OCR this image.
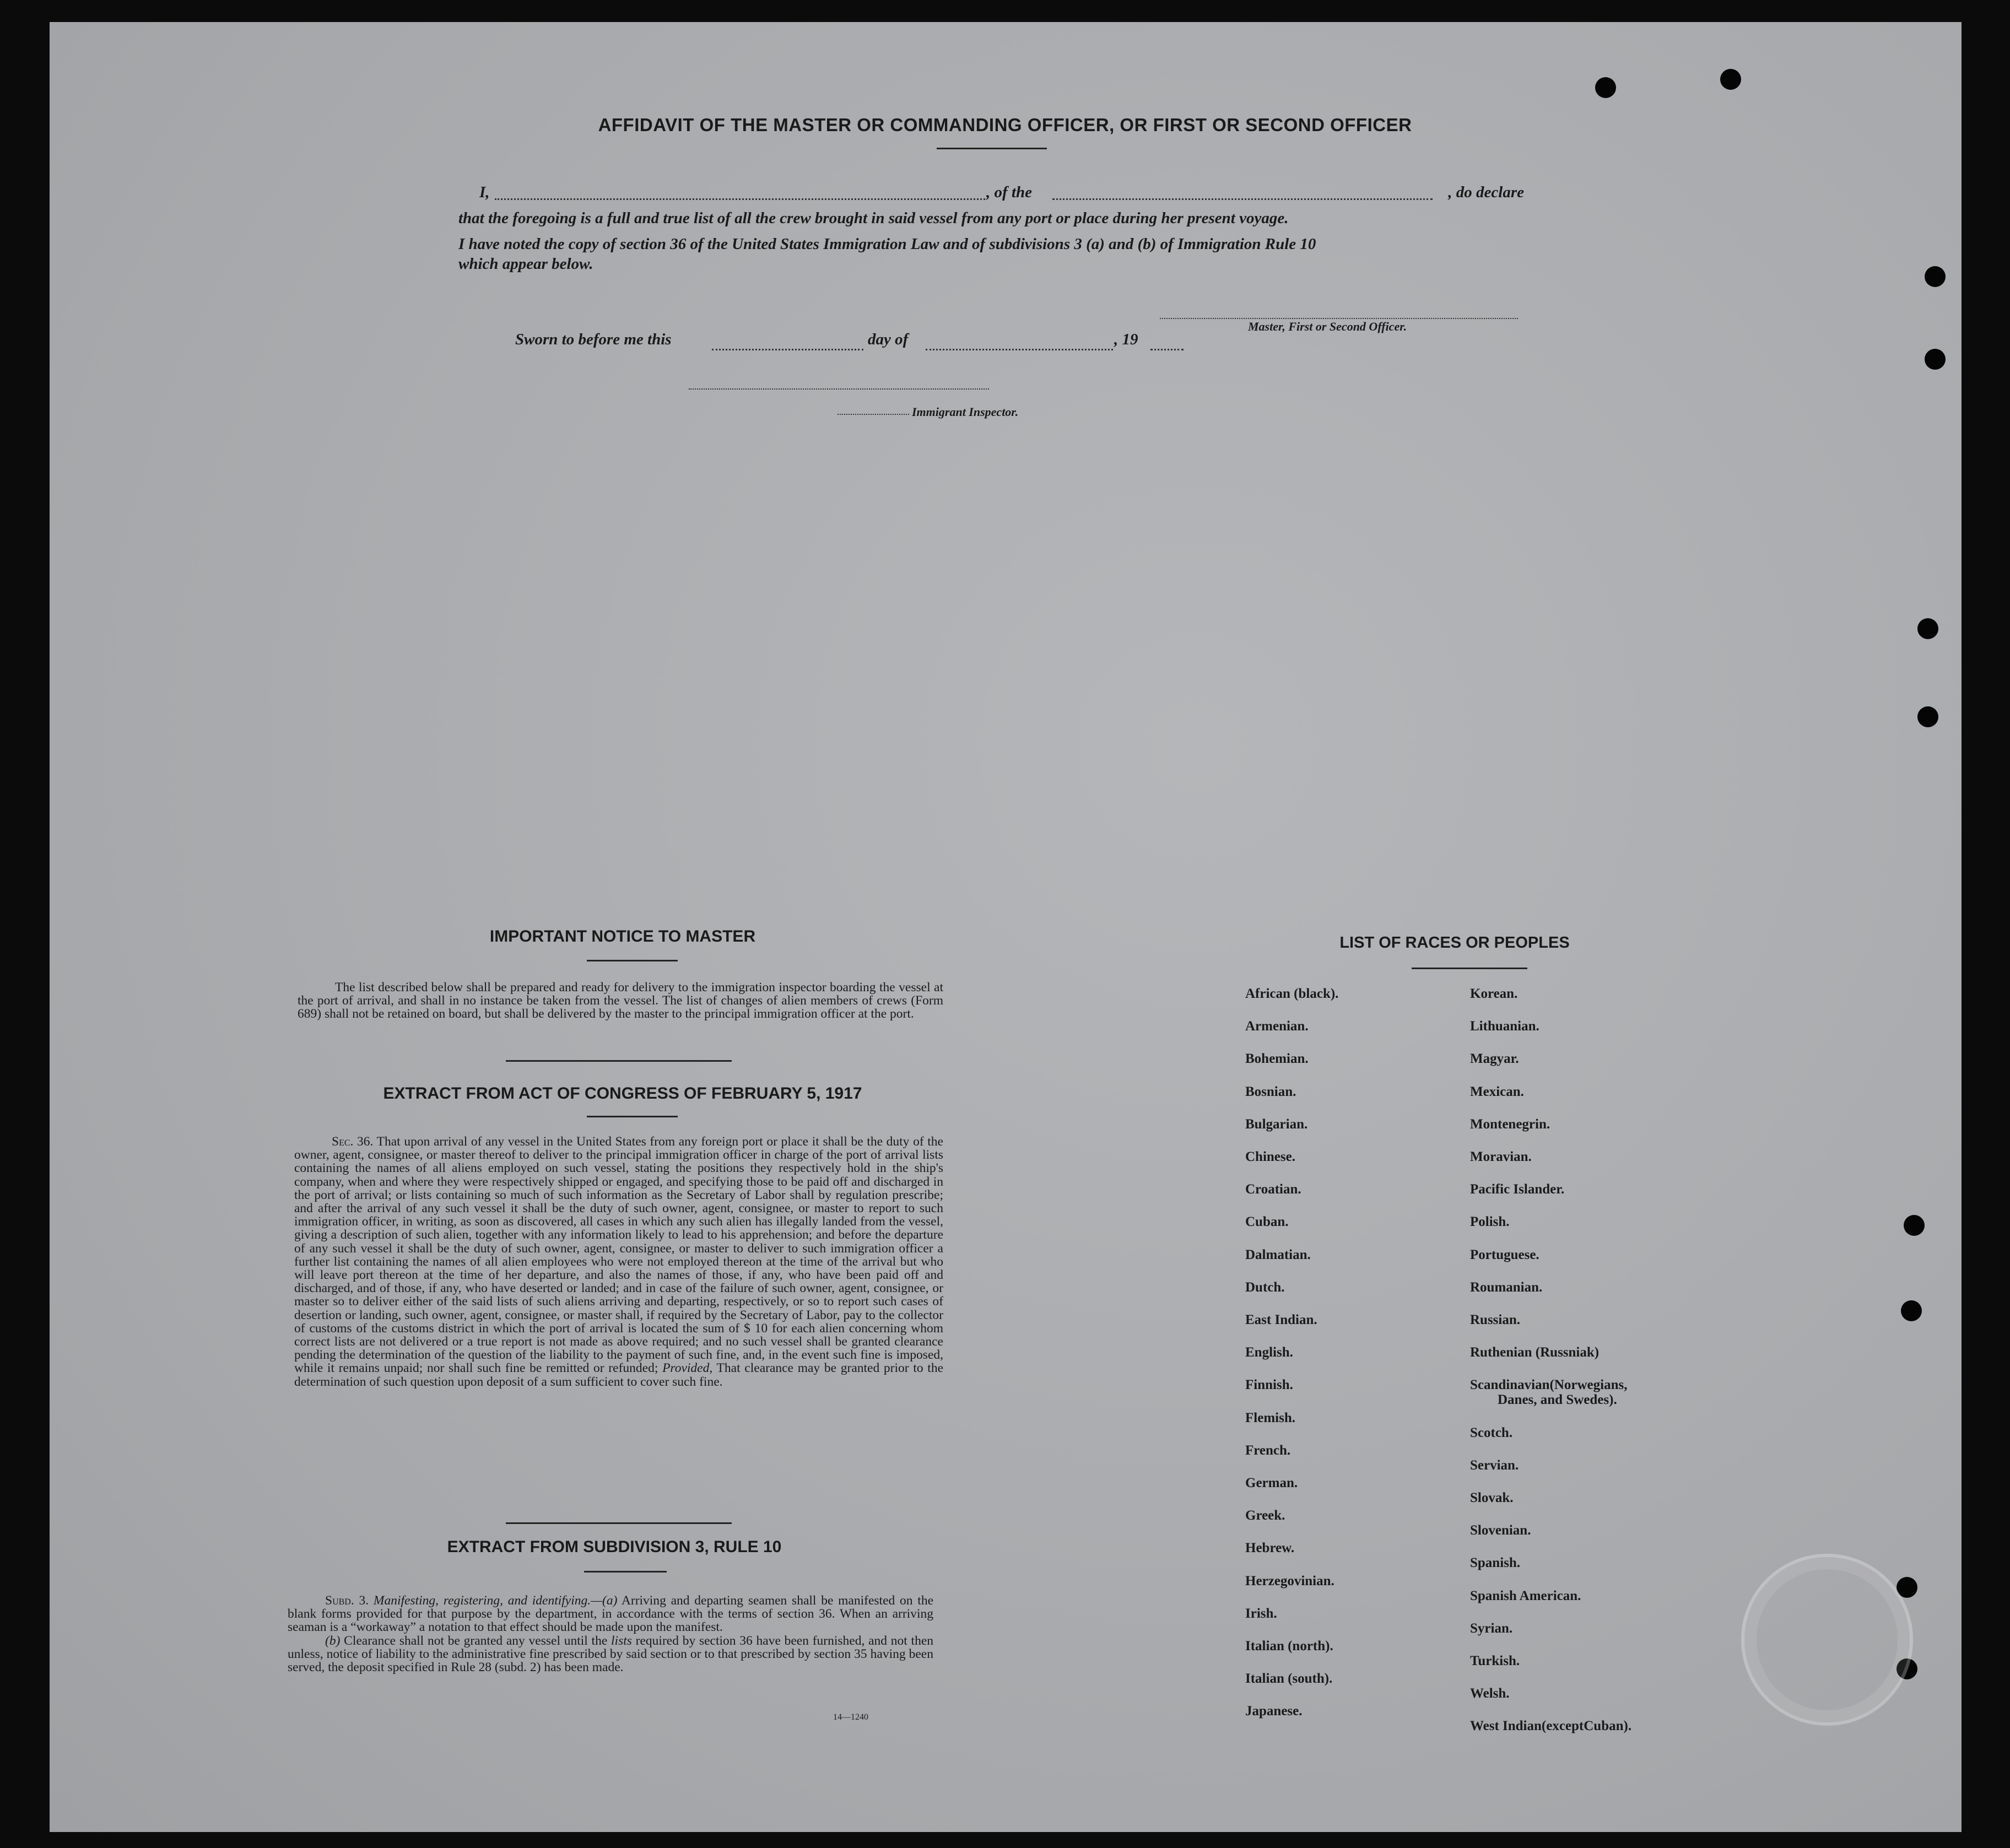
AFFIDAVIT OF THE MASTER OR COMMANDING OFFICER, OR FIRST OR SECOND OFFICER
I,	, of the	, do declare
that the foregoing is a full and true list of all the crew brought in said vessel from any port or place during her present voyage.
I have noted the copy of section 36 of the United States Immigration Law and of subdivisions 3 (a) and (b) of Immigration Rule 10
which appear below.
Master, First or Second Officer.
Sworn to before me this	day of	, 19
Immigrant Inspector.
IMPORTANT NOTICE TO MASTER
The list described below shall be prepared and ready for delivery to the immigration inspector boarding the vessel at the port of arrival, and shall in no instance be taken from the vessel. The list of changes of alien members of crews (Form 689) shall not be retained on board, but shall be delivered by the master to the principal immigration officer at the port.
EXTRACT FROM ACT OF CONGRESS OF FEBRUARY 5, 1917
Sec. 36. That upon arrival of any vessel in the United States from any foreign port or place it shall be the duty of the owner, agent, consignee, or master thereof to deliver to the principal immigration officer in charge of the port of arrival lists containing the names of all aliens employed on such vessel, stating the positions they respectively hold in the ship's company, when and where they were respectively shipped or engaged, and specifying those to be paid off and discharged in the port of arrival; or lists containing so much of such information as the Secretary of Labor shall by regulation prescribe; and after the arrival of any such vessel it shall be the duty of such owner, agent, consignee, or master to report to such immigration officer, in writing, as soon as discovered, all cases in which any such alien has illegally landed from the vessel, giving a description of such alien, together with any information likely to lead to his apprehension; and before the departure of any such vessel it shall be the duty of such owner, agent, consignee, or master to deliver to such immigration officer a further list containing the names of all alien employees who were not employed thereon at the time of the arrival but who will leave port thereon at the time of her departure, and also the names of those, if any, who have been paid off and discharged, and of those, if any, who have deserted or landed; and in case of the failure of such owner, agent, consignee, or master so to deliver either of the said lists of such aliens arriving and departing, respectively, or so to report such cases of desertion or landing, such owner, agent, consignee, or master shall, if required by the Secretary of Labor, pay to the collector of customs of the customs district in which the port of arrival is located the sum of $ 10 for each alien concerning whom correct lists are not delivered or a true report is not made as above required; and no such vessel shall be granted clearance pending the determination of the question of the liability to the payment of such fine, and, in the event such fine is imposed, while it remains unpaid; nor shall such fine be remitted or refunded; Provided, That clearance may be granted prior to the determination of such question upon deposit of a sum sufficient to cover such fine.
EXTRACT FROM SUBDIVISION 3, RULE 10

Subd. 3. Manifesting, registering, and identifying.—(a) Arriving and departing seamen shall be manifested on the blank forms provided for that purpose by the department, in accordance with the terms of section 36. When an arriving seaman is a “workaway” a notation to that effect should be made upon the manifest.

(b) Clearance shall not be granted any vessel until the lists required by section 36 have been furnished, and not then unless, notice of liability to the administrative fine prescribed by said section or to that prescribed by section 35 having been served, the deposit specified in Rule 28 (subd. 2) has been made.

14—1240
LIST OF RACES OR PEOPLES
African (black).
Armenian.
Bohemian.
Bosnian.
Bulgarian.
Chinese.
Croatian.
Cuban.
Dalmatian.
Dutch.
East Indian.
English.
Finnish.
Flemish.
French.
German.
Greek.
Hebrew.
Herzegovinian.
Irish.
Italian (north).
Italian (south).
Japanese.
Korean.
Lithuanian.
Magyar.
Mexican.
Montenegrin.
Moravian.
Pacific Islander.
Polish.
Portuguese.
Roumanian.
Russian.
Ruthenian (Russniak)
Scandinavian(Norwegians,
Danes, and Swedes).
Scotch.
Servian.
Slovak.
Slovenian.
Spanish.
Spanish American.
Syrian.
Turkish.
Welsh.
West Indian(exceptCuban).
